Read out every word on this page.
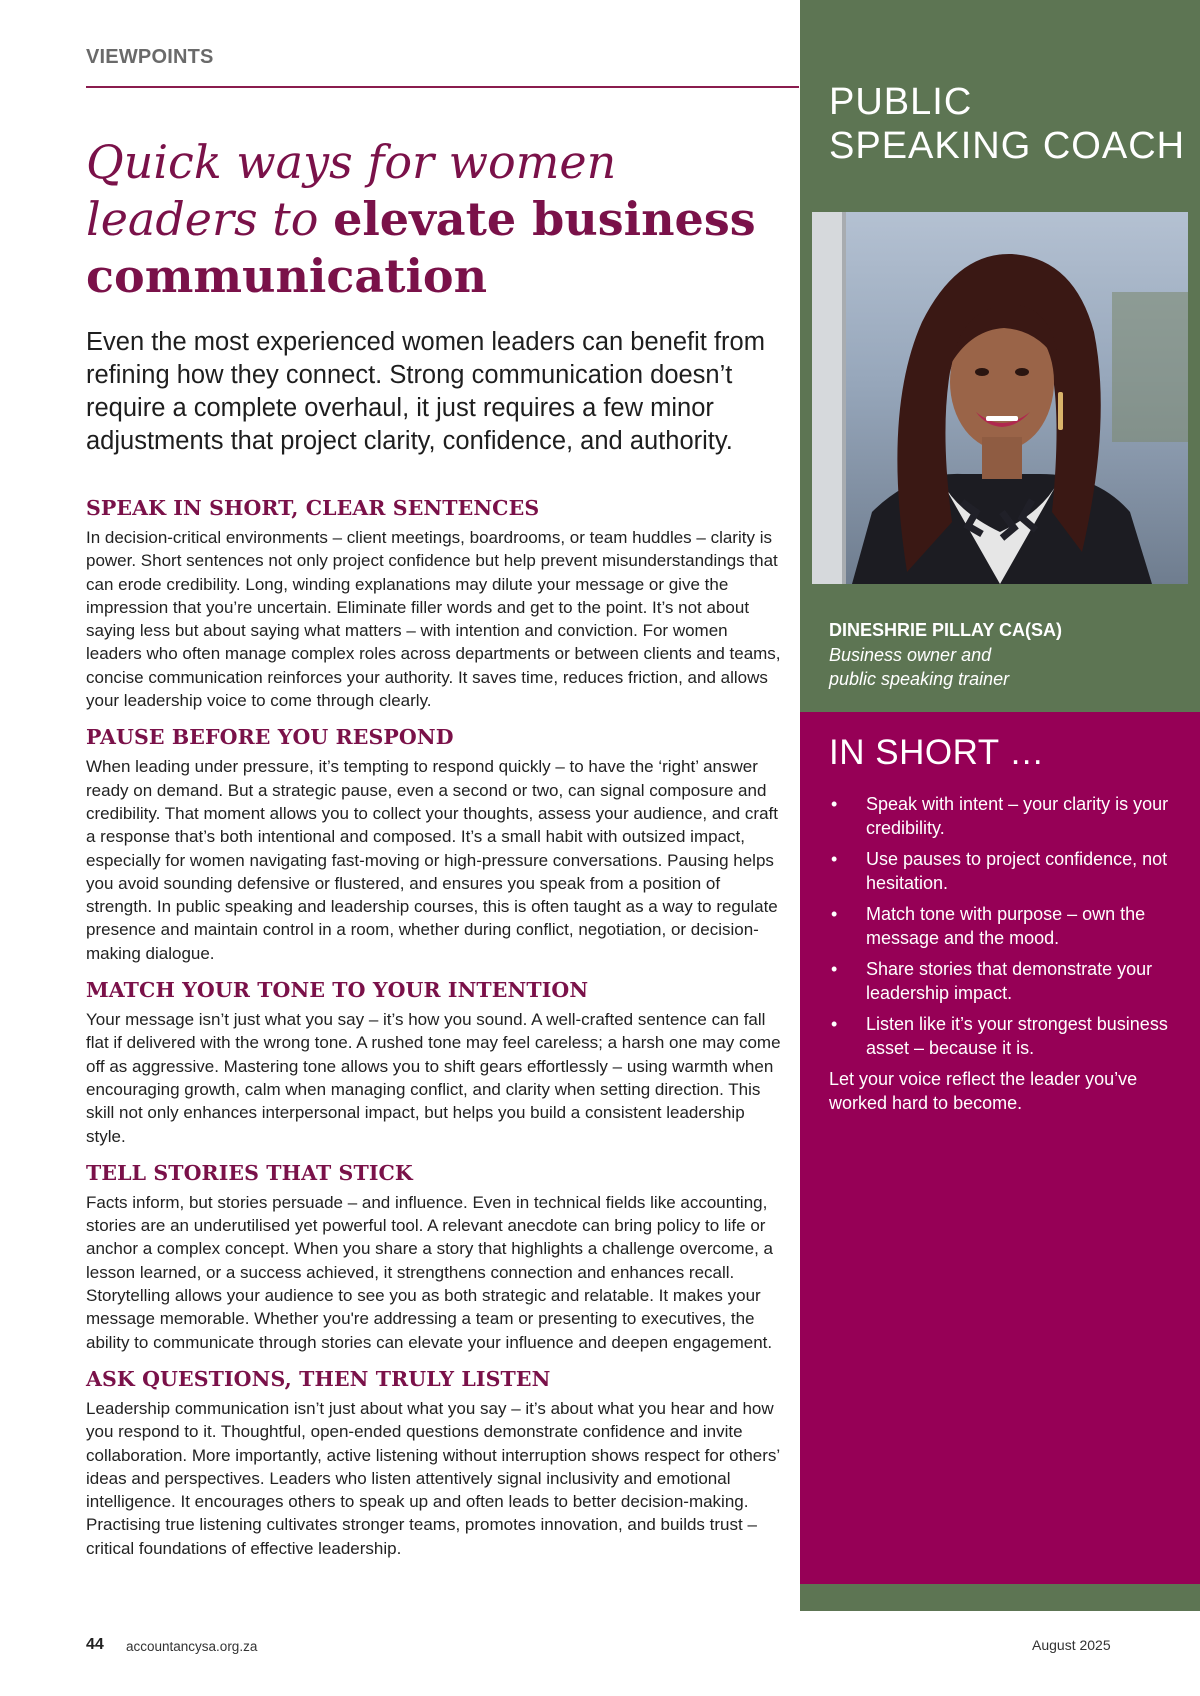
VIEWPOINTS
Quick ways for women leaders to elevate business communication

Even the most experienced women leaders can benefit from refining how they connect. Strong communication doesn’t require a complete overhaul, it just requires a few minor adjustments that project clarity, confidence, and authority.

SPEAK IN SHORT, CLEAR SENTENCES

In decision-critical environments – client meetings, boardrooms, or team huddles – clarity is power. Short sentences not only project confidence but help prevent misunderstandings that can erode credibility. Long, winding explanations may dilute your message or give the impression that you’re uncertain. Eliminate filler words and get to the point. It’s not about saying less but about saying what matters – with intention and conviction. For women leaders who often manage complex roles across departments or between clients and teams, concise communication reinforces your authority. It saves time, reduces friction, and allows your leadership voice to come through clearly.

PAUSE BEFORE YOU RESPOND

When leading under pressure, it’s tempting to respond quickly – to have the ‘right’ answer ready on demand. But a strategic pause, even a second or two, can signal composure and credibility. That moment allows you to collect your thoughts, assess your audience, and craft a response that’s both intentional and composed. It’s a small habit with outsized impact, especially for women navigating fast-moving or high-pressure conversations. Pausing helps you avoid sounding defensive or flustered, and ensures you speak from a position of strength. In public speaking and leadership courses, this is often taught as a way to regulate presence and maintain control in a room, whether during conflict, negotiation, or decision-making dialogue.

MATCH YOUR TONE TO YOUR INTENTION

Your message isn’t just what you say – it’s how you sound. A well-crafted sentence can fall flat if delivered with the wrong tone. A rushed tone may feel careless; a harsh one may come off as aggressive. Mastering tone allows you to shift gears effortlessly – using warmth when encouraging growth, calm when managing conflict, and clarity when setting direction. This skill not only enhances interpersonal impact, but helps you build a consistent leadership style.

TELL STORIES THAT STICK

Facts inform, but stories persuade – and influence. Even in technical fields like accounting, stories are an underutilised yet powerful tool. A relevant anecdote can bring policy to life or anchor a complex concept. When you share a story that highlights a challenge overcome, a lesson learned, or a success achieved, it strengthens connection and enhances recall. Storytelling allows your audience to see you as both strategic and relatable. It makes your message memorable. Whether you're addressing a team or presenting to executives, the ability to communicate through stories can elevate your influence and deepen engagement.

ASK QUESTIONS, THEN TRULY LISTEN

Leadership communication isn’t just about what you say – it’s about what you hear and how you respond to it. Thoughtful, open-ended questions demonstrate confidence and invite collaboration. More importantly, active listening without interruption shows respect for others’ ideas and perspectives. Leaders who listen attentively signal inclusivity and emotional intelligence. It encourages others to speak up and often leads to better decision-making. Practising true listening cultivates stronger teams, promotes innovation, and builds trust – critical foundations of effective leadership.

44 accountancysa.org.za	August 2025
PUBLIC
SPEAKING COACH
DINESHRIE PILLAY CA(SA)
Business owner and
public speaking trainer
IN SHORT …
• Speak with intent – your clarity is your credibility.
• Use pauses to project confidence, not hesitation.
• Match tone with purpose – own the message and the mood.
• Share stories that demonstrate your leadership impact.
• Listen like it’s your strongest business asset – because it is.

Let your voice reflect the leader you’ve worked hard to become.
